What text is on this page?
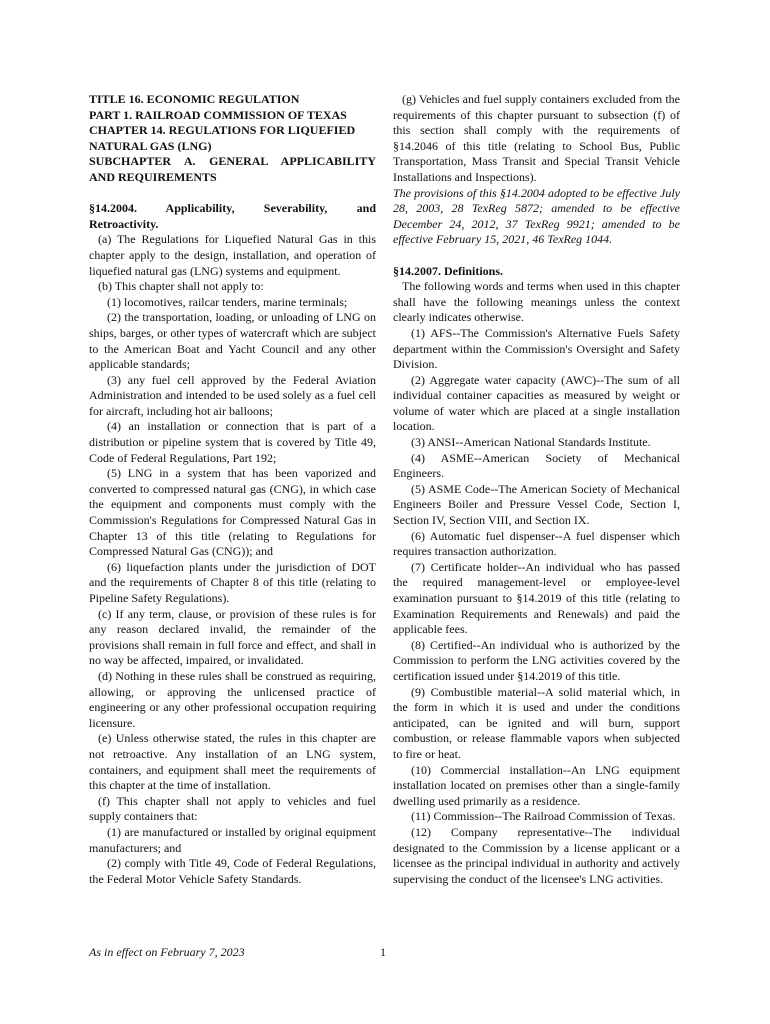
TITLE 16. ECONOMIC REGULATION
PART 1. RAILROAD COMMISSION OF TEXAS
CHAPTER 14. REGULATIONS FOR LIQUEFIED
NATURAL GAS (LNG)
SUBCHAPTER A. GENERAL APPLICABILITY
AND REQUIREMENTS
§14.2004. Applicability, Severability, and
Retroactivity.

(a) The Regulations for Liquefied Natural Gas in this chapter apply to the design, installation, and operation of liquefied natural gas (LNG) systems and equipment.

(b) This chapter shall not apply to:

(1) locomotives, railcar tenders, marine terminals;

(2) the transportation, loading, or unloading of LNG on ships, barges, or other types of watercraft which are subject to the American Boat and Yacht Council and any other applicable standards;

(3) any fuel cell approved by the Federal Aviation Administration and intended to be used solely as a fuel cell for aircraft, including hot air balloons;

(4) an installation or connection that is part of a distribution or pipeline system that is covered by Title 49, Code of Federal Regulations, Part 192;

(5) LNG in a system that has been vaporized and converted to compressed natural gas (CNG), in which case the equipment and components must comply with the Commission's Regulations for Compressed Natural Gas in Chapter 13 of this title (relating to Regulations for Compressed Natural Gas (CNG)); and

(6) liquefaction plants under the jurisdiction of DOT and the requirements of Chapter 8 of this title (relating to Pipeline Safety Regulations).

(c) If any term, clause, or provision of these rules is for any reason declared invalid, the remainder of the provisions shall remain in full force and effect, and shall in no way be affected, impaired, or invalidated.

(d) Nothing in these rules shall be construed as requiring, allowing, or approving the unlicensed practice of engineering or any other professional occupation requiring licensure.

(e) Unless otherwise stated, the rules in this chapter are not retroactive. Any installation of an LNG system, containers, and equipment shall meet the requirements of this chapter at the time of installation.

(f) This chapter shall not apply to vehicles and fuel supply containers that:

(1) are manufactured or installed by original equipment manufacturers; and

(2) comply with Title 49, Code of Federal Regulations, the Federal Motor Vehicle Safety Standards.

(g) Vehicles and fuel supply containers excluded from the requirements of this chapter pursuant to subsection (f) of this section shall comply with the requirements of §14.2046 of this title (relating to School Bus, Public Transportation, Mass Transit and Special Transit Vehicle Installations and Inspections).

The provisions of this §14.2004 adopted to be effective July 28, 2003, 28 TexReg 5872; amended to be effective December 24, 2012, 37 TexReg 9921; amended to be effective February 15, 2021, 46 TexReg 1044.

§14.2007. Definitions.

The following words and terms when used in this chapter shall have the following meanings unless the context clearly indicates otherwise.

(1) AFS--The Commission's Alternative Fuels Safety department within the Commission's Oversight and Safety Division.

(2) Aggregate water capacity (AWC)--The sum of all individual container capacities as measured by weight or volume of water which are placed at a single installation location.

(3) ANSI--American National Standards Institute.

(4) ASME--American Society of Mechanical Engineers.

(5) ASME Code--The American Society of Mechanical Engineers Boiler and Pressure Vessel Code, Section I, Section IV, Section VIII, and Section IX.

(6) Automatic fuel dispenser--A fuel dispenser which requires transaction authorization.

(7) Certificate holder--An individual who has passed the required management-level or employee-level examination pursuant to §14.2019 of this title (relating to Examination Requirements and Renewals) and paid the applicable fees.

(8) Certified--An individual who is authorized by the Commission to perform the LNG activities covered by the certification issued under §14.2019 of this title.

(9) Combustible material--A solid material which, in the form in which it is used and under the conditions anticipated, can be ignited and will burn, support combustion, or release flammable vapors when subjected to fire or heat.

(10) Commercial installation--An LNG equipment installation located on premises other than a single-family dwelling used primarily as a residence.

(11) Commission--The Railroad Commission of Texas.

(12) Company representative--The individual designated to the Commission by a license applicant or a licensee as the principal individual in authority and actively supervising the conduct of the licensee's LNG activities.

As in effect on February 7, 2023	1
